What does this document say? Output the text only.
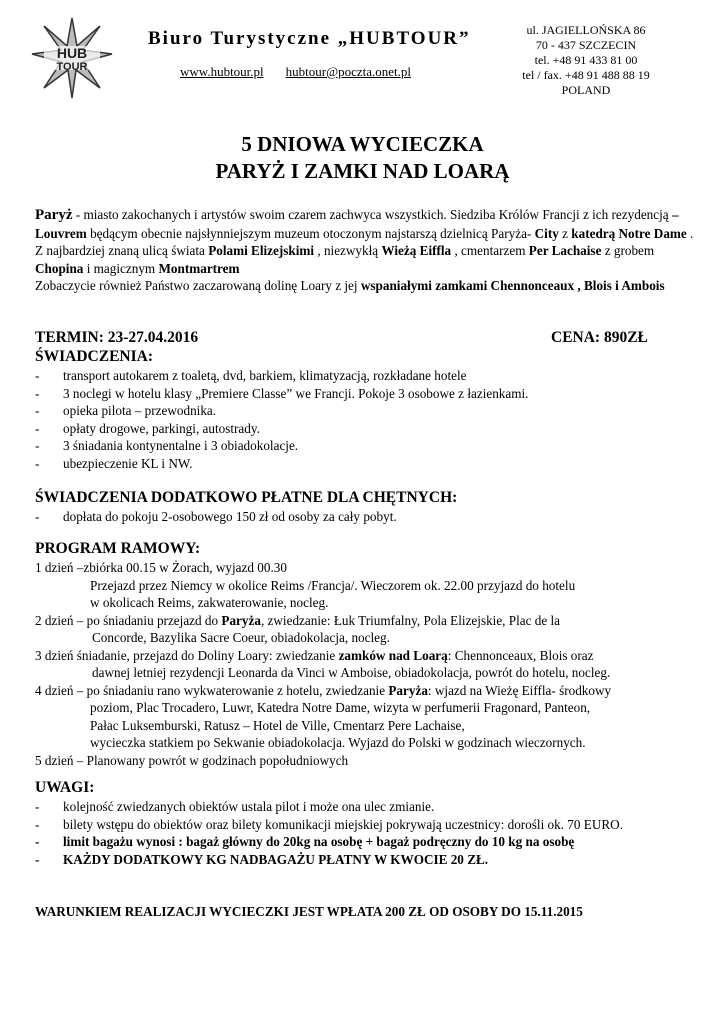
HUB
TOUR
Biuro Turystyczne „HUBTOUR”
www.hubtour.pl hubtour@poczta.onet.pl
ul. JAGIELLOŃSKA 86
70 - 437 SZCZECIN
tel. +48 91 433 81 00
tel / fax. +48 91 488 88 19
POLAND
5 DNIOWA WYCIECZKA
PARYŻ I ZAMKI NAD LOARĄ
Paryż - miasto zakochanych i artystów swoim czarem zachwyca wszystkich. Siedziba Królów Francji z ich rezydencją – Louvrem będącym obecnie najsłynniejszym muzeum otoczonym najstarszą dzielnicą Paryża- City z katedrą Notre Dame . Z najbardziej znaną ulicą świata Polami Elizejskimi , niezwykłą Wieżą Eiffla , cmentarzem Per Lachaise z grobem Chopina i magicznym Montmartrem
Zobaczycie również Państwo zaczarowaną dolinę Loary z jej wspaniałymi zamkami Chennonceaux , Blois i Ambois
TERMIN: 23-27.04.2016	CENA: 890ZŁ
ŚWIADCZENIA:
- transport autokarem z toaletą, dvd, barkiem, klimatyzacją, rozkładane hotele
- 3 noclegi w hotelu klasy „Premiere Classe” we Francji. Pokoje 3 osobowe z łazienkami.
- opieka pilota – przewodnika.
- opłaty drogowe, parkingi, autostrady.
- 3 śniadania kontynentalne i 3 obiadokolacje.
- ubezpieczenie KL i NW.
ŚWIADCZENIA DODATKOWO PŁATNE DLA CHĘTNYCH:
- dopłata do pokoju 2-osobowego 150 zł od osoby za cały pobyt.
PROGRAM RAMOWY:
1 dzień –zbiórka 00.15 w Żorach, wyjazd 00.30
Przejazd przez Niemcy w okolice Reims /Francja/. Wieczorem ok. 22.00 przyjazd do hotelu
w okolicach Reims, zakwaterowanie, nocleg.
2 dzień – po śniadaniu przejazd do Paryża, zwiedzanie: Łuk Triumfalny, Pola Elizejskie, Plac de la
Concorde, Bazylika Sacre Coeur, obiadokolacja, nocleg.
3 dzień śniadanie, przejazd do Doliny Loary: zwiedzanie zamków nad Loarą: Chennonceaux, Blois oraz
dawnej letniej rezydencji Leonarda da Vinci w Amboise, obiadokolacja, powrót do hotelu, nocleg.
4 dzień – po śniadaniu rano wykwaterowanie z hotelu, zwiedzanie Paryża: wjazd na Wieżę Eiffla- środkowy
poziom, Plac Trocadero, Luwr, Katedra Notre Dame, wizyta w perfumerii Fragonard, Panteon,
Pałac Luksemburski, Ratusz – Hotel de Ville, Cmentarz Pere Lachaise,
wycieczka statkiem po Sekwanie obiadokolacja. Wyjazd do Polski w godzinach wieczornych.
5 dzień – Planowany powrót w godzinach popołudniowych
UWAGI:
- kolejność zwiedzanych obiektów ustala pilot i może ona ulec zmianie.
- bilety wstępu do obiektów oraz bilety komunikacji miejskiej pokrywają uczestnicy: dorośli ok. 70 EURO.
- limit bagażu wynosi : bagaż główny do 20kg na osobę + bagaż podręczny do 10 kg na osobę
- KAŻDY DODATKOWY KG NADBAGAŻU PŁATNY W KWOCIE 20 ZŁ.
WARUNKIEM REALIZACJI WYCIECZKI JEST WPŁATA 200 ZŁ OD OSOBY DO 15.11.2015
